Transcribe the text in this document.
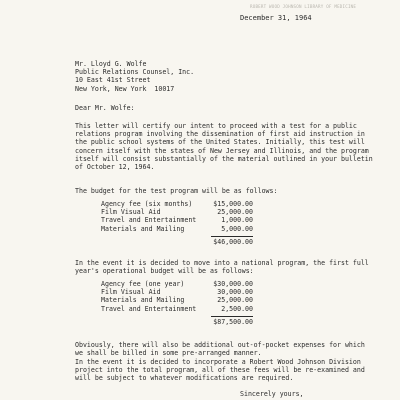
ROBERT WOOD JOHNSON LIBRARY OF MEDICINE
December 31, 1964
Mr. Lloyd G. Wolfe
Public Relations Counsel, Inc.
10 East 41st Street
New York, New York  10017
Dear Mr. Wolfe:
This letter will certify our intent to proceed with a test for a public relations program involving the dissemination of first aid instruction in the public school systems of the United States. Initially, this test will concern itself with the states of New Jersey and Illinois, and the program itself will consist substantially of the material outlined in your bulletin of October 12, 1964.
The budget for the test program will be as follows:
Agency fee (six months)	$15,000.00
Film Visual Aid	25,000.00
Travel and Entertainment	1,000.00
Materials and Mailing	5,000.00
$46,000.00
In the event it is decided to move into a national program, the first full year's operational budget will be as follows:
Agency fee (one year)	$30,000.00
Film Visual Aid	30,000.00
Materials and Mailing	25,000.00
Travel and Entertainment	2,500.00
$87,500.00
Obviously, there will also be additional out-of-pocket expenses for which we shall be billed in some pre-arranged manner.
In the event it is decided to incorporate a Robert Wood Johnson Division project into the total program, all of these fees will be re-examined and will be subject to whatever modifications are required.
Sincerely yours,
